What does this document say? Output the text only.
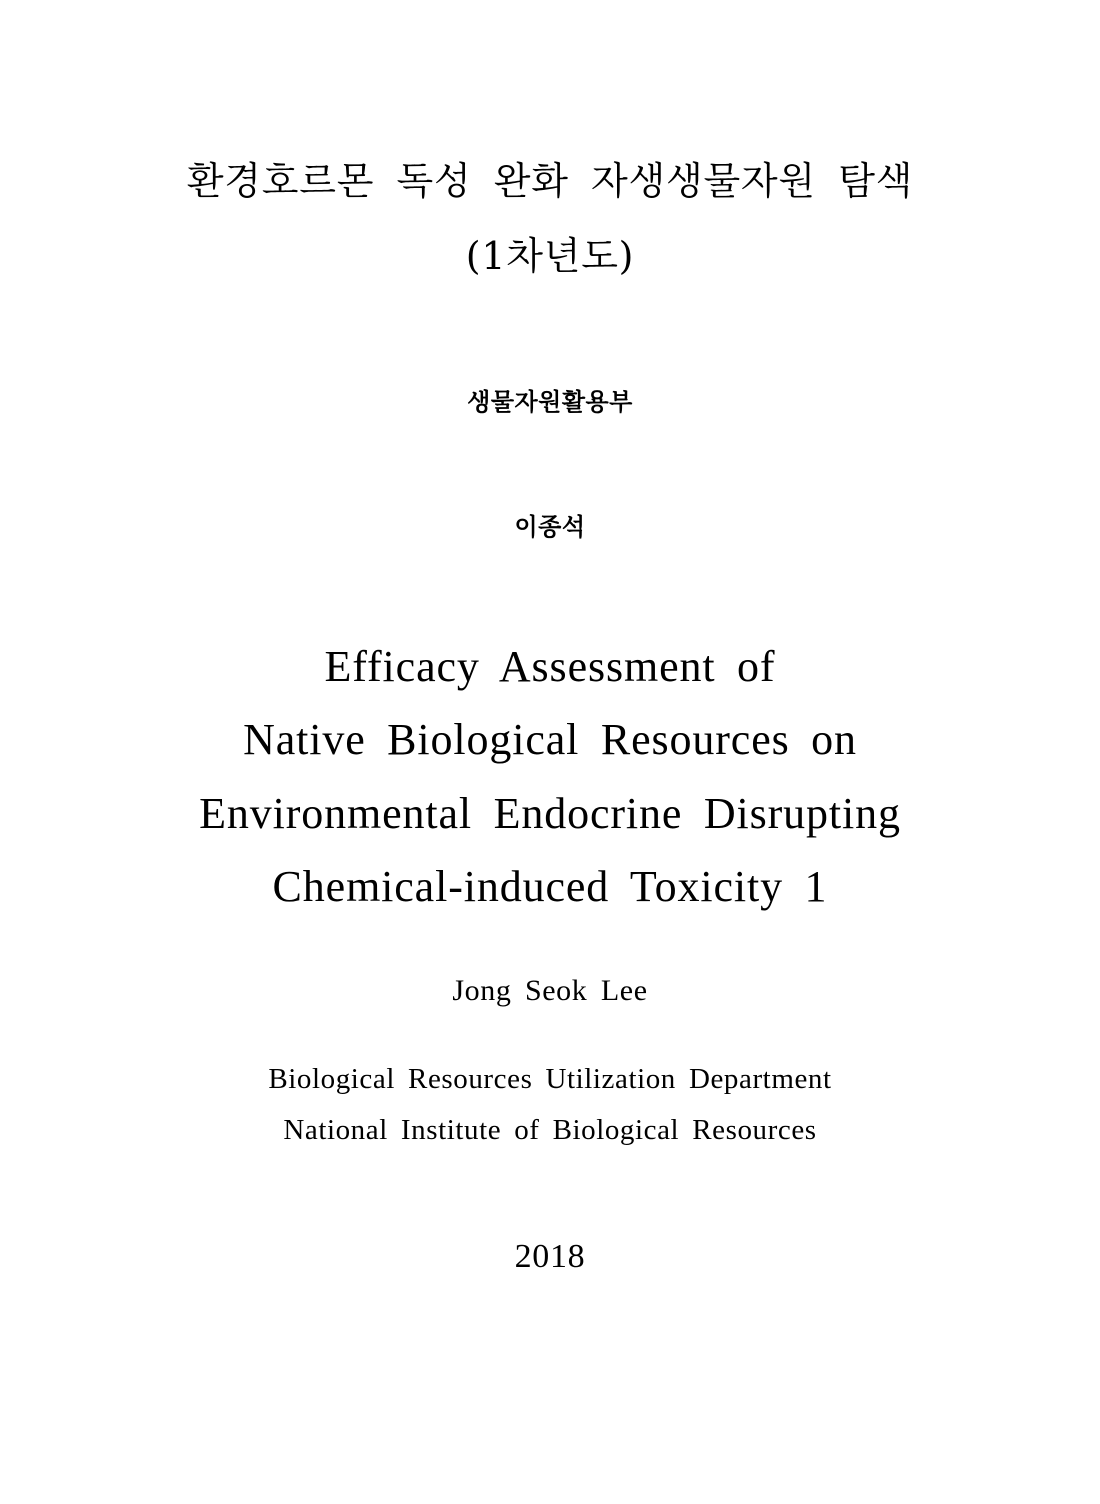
환경호르몬 독성 완화 자생생물자원 탐색
(1차년도)
생물자원활용부
이종석
Efficacy Assessment of
Native Biological Resources on
Environmental Endocrine Disrupting
Chemical-induced Toxicity 1
Jong Seok Lee
Biological Resources Utilization Department
National Institute of Biological Resources
2018
